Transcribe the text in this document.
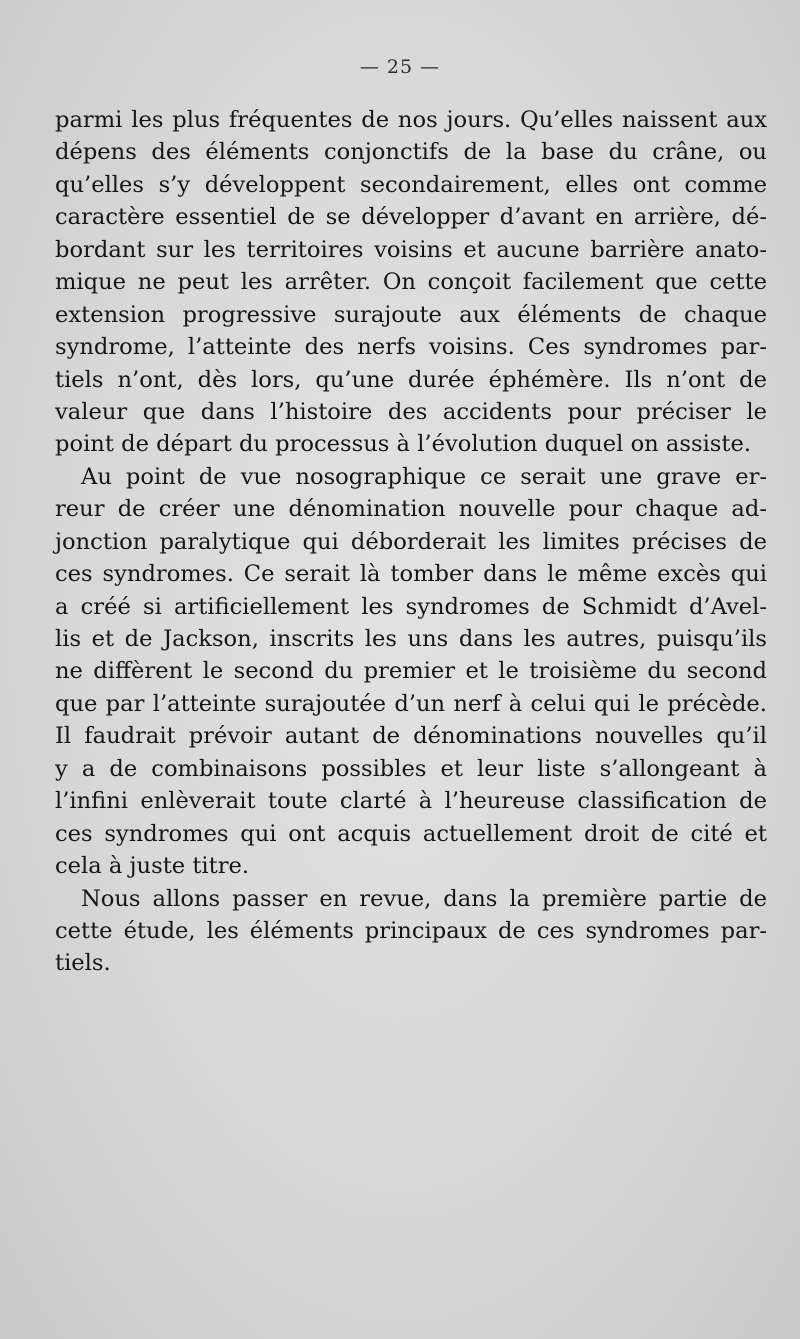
— 25 —
parmi les plus fréquentes de nos jours. Qu’elles naissent aux
dépens des éléments conjonctifs de la base du crâne, ou
qu’elles s’y développent secondairement, elles ont comme
caractère essentiel de se développer d’avant en arrière, dé-
bordant sur les territoires voisins et aucune barrière anato-
mique ne peut les arrêter. On conçoit facilement que cette
extension progressive surajoute aux éléments de chaque
syndrome, l’atteinte des nerfs voisins. Ces syndromes par-
tiels n’ont, dès lors, qu’une durée éphémère. Ils n’ont de
valeur que dans l’histoire des accidents pour préciser le
point de départ du processus à l’évolution duquel on assiste.
Au point de vue nosographique ce serait une grave er-
reur de créer une dénomination nouvelle pour chaque ad-
jonction paralytique qui déborderait les limites précises de
ces syndromes. Ce serait là tomber dans le même excès qui
a créé si artificiellement les syndromes de Schmidt d’Avel-
lis et de Jackson, inscrits les uns dans les autres, puisqu’ils
ne diffèrent le second du premier et le troisième du second
que par l’atteinte surajoutée d’un nerf à celui qui le précède.
Il faudrait prévoir autant de dénominations nouvelles qu’il
y a de combinaisons possibles et leur liste s’allongeant à
l’infini enlèverait toute clarté à l’heureuse classification de
ces syndromes qui ont acquis actuellement droit de cité et
cela à juste titre.
Nous allons passer en revue, dans la première partie de
cette étude, les éléments principaux de ces syndromes par-
tiels.
